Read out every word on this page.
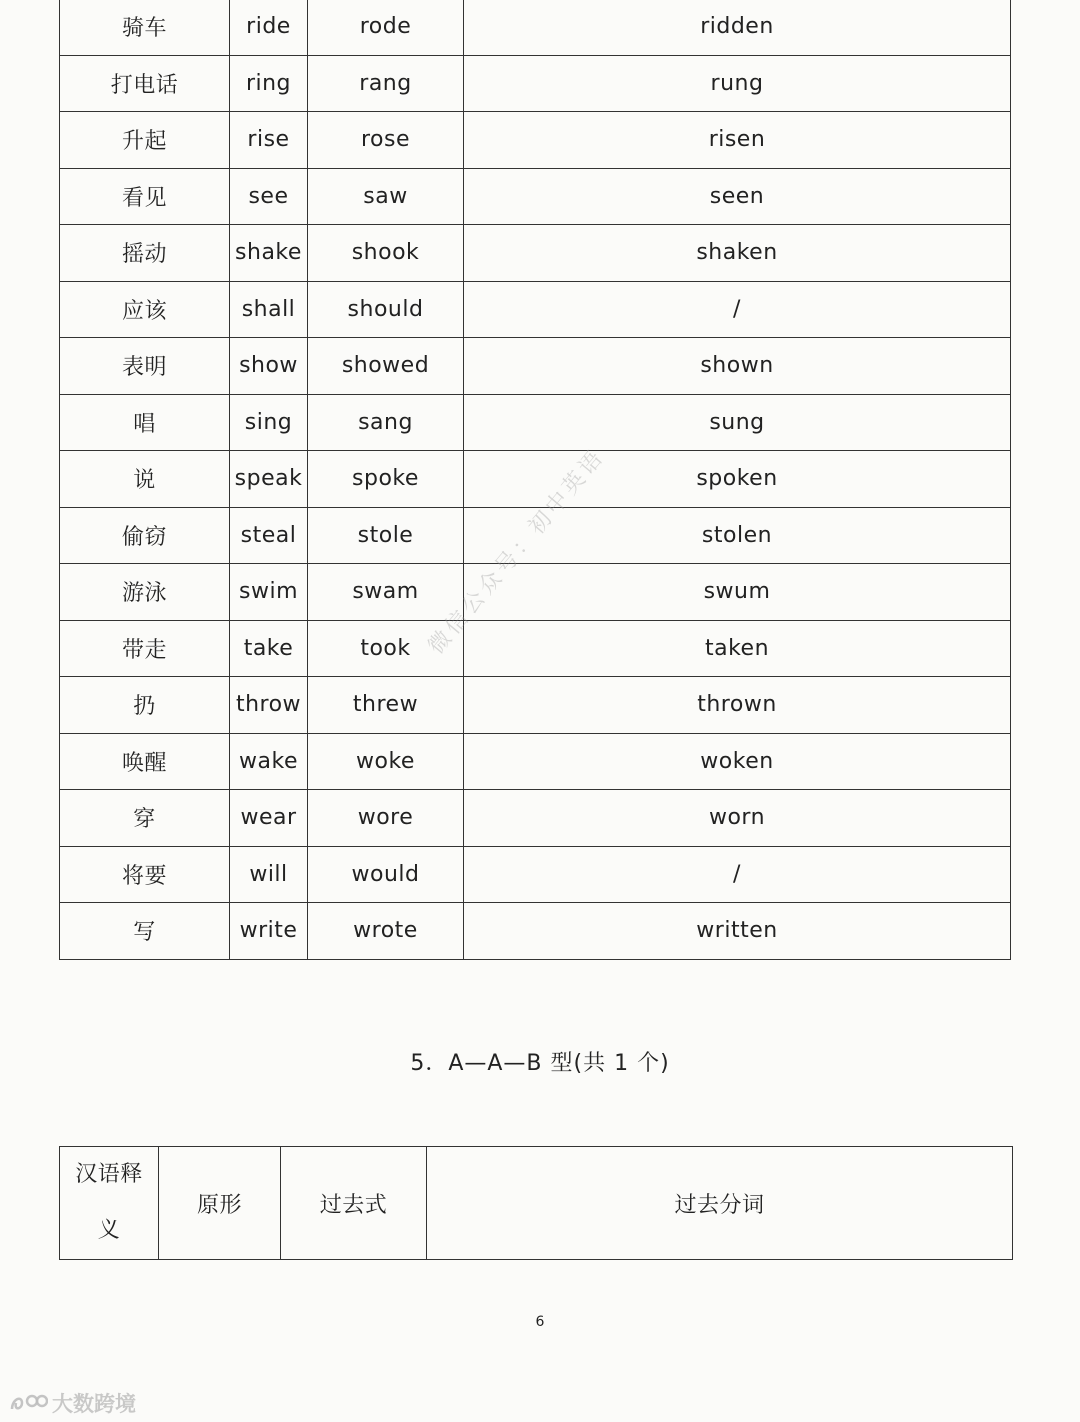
骑车	ride	rode	ridden
打电话	ring	rang	rung
升起	rise	rose	risen
看见	see	saw	seen
摇动	shake	shook	shaken
应该	shall	should	/
表明	show	showed	shown
唱	sing	sang	sung
说	speak	spoke	spoken
偷窃	steal	stole	stolen
游泳	swim	swam	swum
带走	take	took	taken
扔	throw	threw	thrown
唤醒	wake	woke	woken
穿	wear	wore	worn
将要	will	would	/
写	write	wrote	written
微信公众号：初中英语
5．A—A—B 型(共 1 个)
汉语释
义	原形	过去式	过去分词
6
大数跨境
